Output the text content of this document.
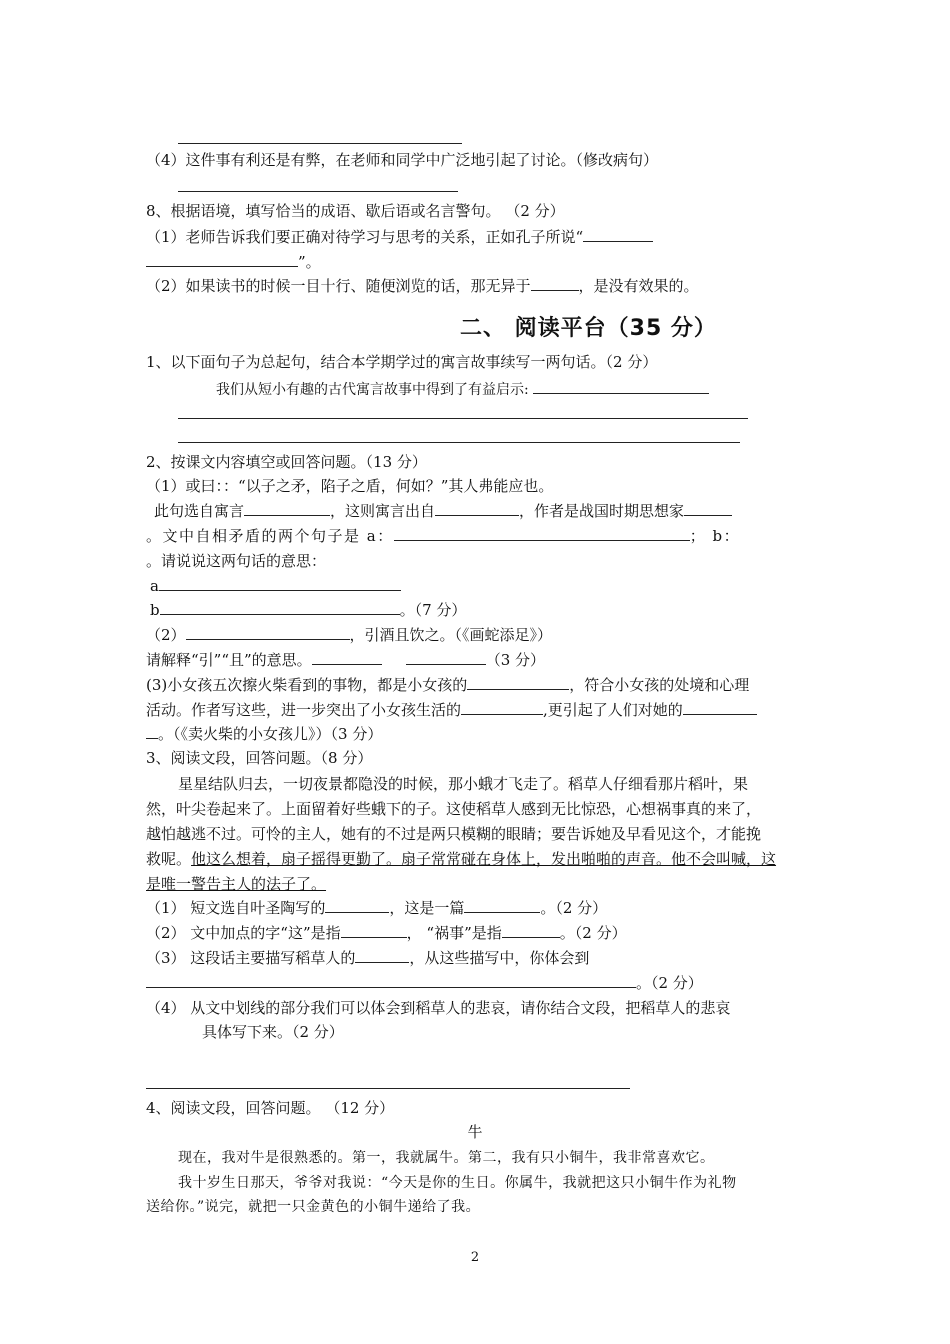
（4）这件事有利还是有弊，在老师和同学中广泛地引起了讨论。（修改病句）
8、根据语境，填写恰当的成语、歇后语或名言警句。 （2 分）
（1）老师告诉我们要正确对待学习与思考的关系，正如孔子所说“
”。
（2）如果读书的时候一目十行、随便浏览的话，那无异于	，是没有效果的。
二、 阅读平台（35 分）
1、以下面句子为总起句，结合本学期学过的寓言故事续写一两句话。（2 分）
我们从短小有趣的古代寓言故事中得到了有益启示:
2、按课文内容填空或回答问题。（13 分）
（1）或曰：：“以子之矛，陷子之盾，何如？”其人弗能应也。
此句选自寓言	，这则寓言出自	，作者是战国时期思想家
。文中自相矛盾的两个句子是 a：	； b：
。请说说这两句话的意思：
a
b	。（7 分）
（2）	，引酒且饮之。（《画蛇添足》）
请解释“引”“且”的意思。	（3 分）
(3)小女孩五次擦火柴看到的事物，都是小女孩的	，符合小女孩的处境和心理
活动。作者写这些，进一步突出了小女孩生活的	,更引起了人们对她的
。（《卖火柴的小女孩儿》）（3 分）
3、阅读文段，回答问题。（8 分）
星星结队归去，一切夜景都隐没的时候，那小蛾才飞走了。稻草人仔细看那片稻叶，果
然，叶尖卷起来了。上面留着好些蛾下的子。这使稻草人感到无比惊恐，心想祸事真的来了，
越怕越逃不过。可怜的主人，她有的不过是两只模糊的眼睛；要告诉她及早看见这个，才能挽
救呢。他这么想着，扇子摇得更勤了。扇子常常碰在身体上，发出啪啪的声音。他不会叫喊，这
是唯一警告主人的法子了。
（1） 短文选自叶圣陶写的	，这是一篇	。（2 分）
（2） 文中加点的字“这”是指	， “祸事”是指	。（2 分）
（3） 这段话主要描写稻草人的	，从这些描写中，你体会到
。（2 分）
（4） 从文中划线的部分我们可以体会到稻草人的悲哀，请你结合文段，把稻草人的悲哀
具体写下来。（2 分）
4、阅读文段，回答问题。 （12 分）
牛
现在，我对牛是很熟悉的。第一，我就属牛。第二，我有只小铜牛，我非常喜欢它。
我十岁生日那天，爷爷对我说：“今天是你的生日。你属牛，我就把这只小铜牛作为礼物
送给你。”说完，就把一只金黄色的小铜牛递给了我。
2
